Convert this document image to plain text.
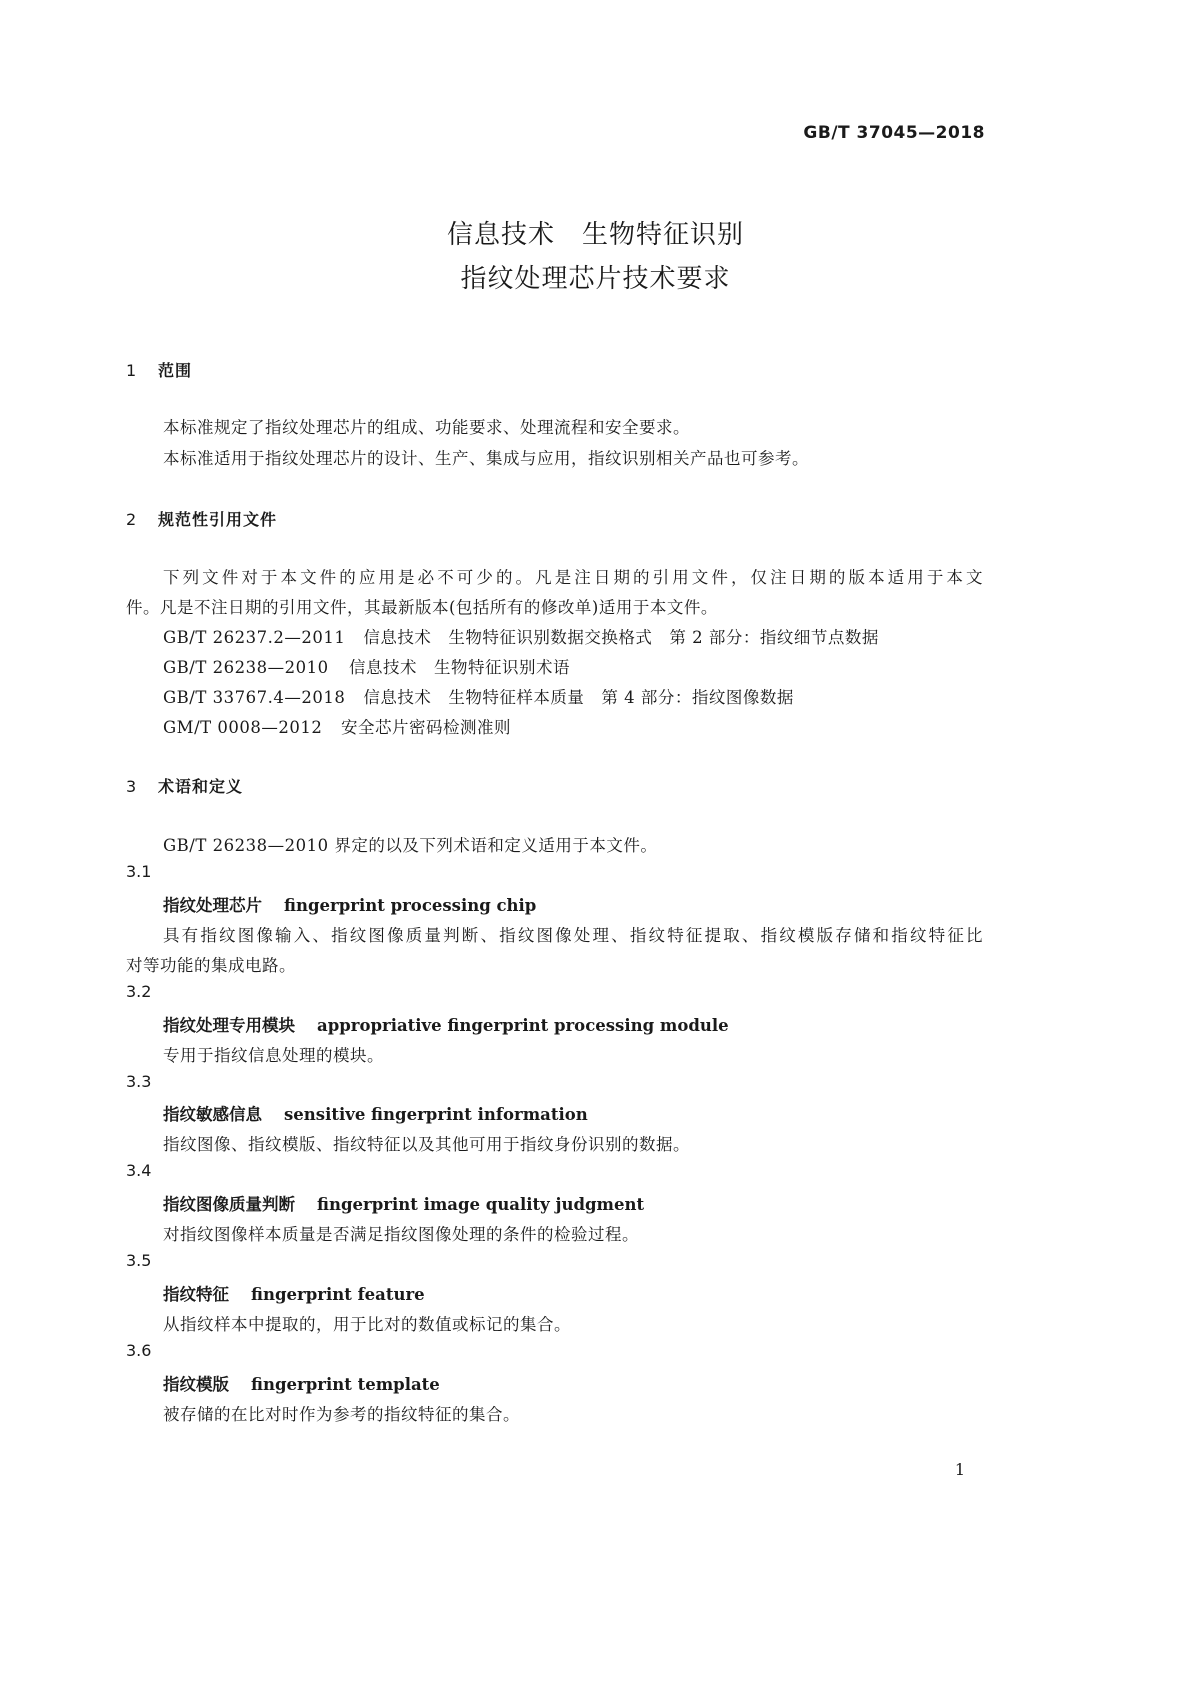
GB/T 37045—2018
信息技术　生物特征识别
指纹处理芯片技术要求
1 范围
本标准规定了指纹处理芯片的组成、功能要求、处理流程和安全要求。
本标准适用于指纹处理芯片的设计、生产、集成与应用，指纹识别相关产品也可参考。
2 规范性引用文件
下列文件对于本文件的应用是必不可少的。凡是注日期的引用文件，仅注日期的版本适用于本文
件。凡是不注日期的引用文件，其最新版本(包括所有的修改单)适用于本文件。
GB/T 26237.2—2011 信息技术　生物特征识别数据交换格式　第 2 部分：指纹细节点数据
GB/T 26238—2010 信息技术　生物特征识别术语
GB/T 33767.4—2018 信息技术　生物特征样本质量　第 4 部分：指纹图像数据
GM/T 0008—2012 安全芯片密码检测准则
3 术语和定义
GB/T 26238—2010 界定的以及下列术语和定义适用于本文件。
3.1
指纹处理芯片 fingerprint processing chip
具有指纹图像输入、指纹图像质量判断、指纹图像处理、指纹特征提取、指纹模版存储和指纹特征比
对等功能的集成电路。
3.2
指纹处理专用模块 appropriative fingerprint processing module
专用于指纹信息处理的模块。
3.3
指纹敏感信息 sensitive fingerprint information
指纹图像、指纹模版、指纹特征以及其他可用于指纹身份识别的数据。
3.4
指纹图像质量判断 fingerprint image quality judgment
对指纹图像样本质量是否满足指纹图像处理的条件的检验过程。
3.5
指纹特征 fingerprint feature
从指纹样本中提取的，用于比对的数值或标记的集合。
3.6
指纹模版 fingerprint template
被存储的在比对时作为参考的指纹特征的集合。
1
